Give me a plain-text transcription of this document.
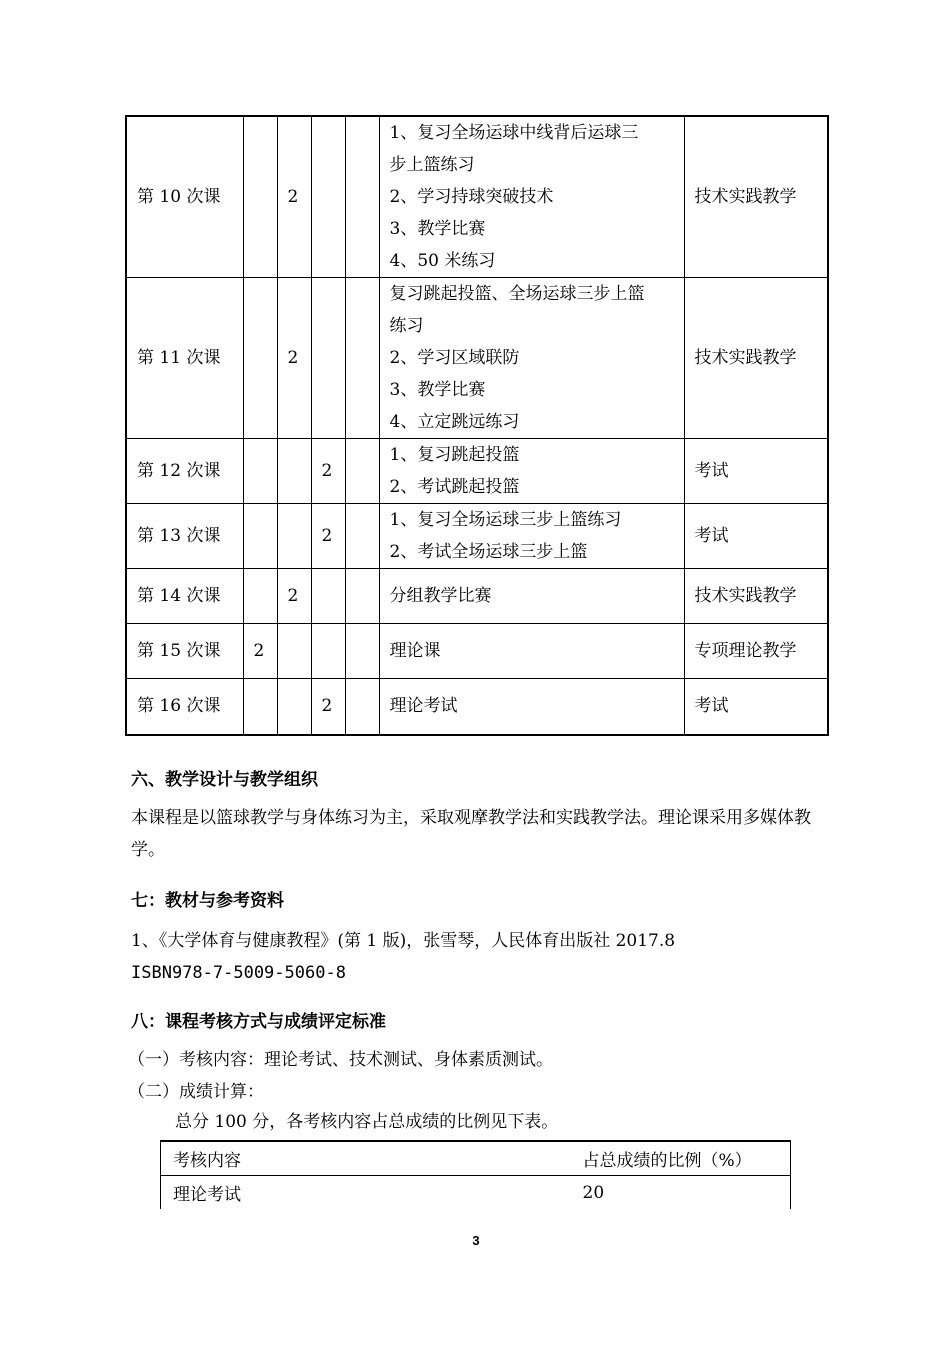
第 10 次课		2			1、复习全场运球中线背后运球三
步上篮练习
2、学习持球突破技术
3、教学比赛
4、50 米练习	技术实践教学
第 11 次课		2			复习跳起投篮、全场运球三步上篮
练习
2、学习区域联防
3、教学比赛
4、立定跳远练习	技术实践教学
第 12 次课			2		1、复习跳起投篮
2、考试跳起投篮	考试
第 13 次课			2		1、复习全场运球三步上篮练习
2、考试全场运球三步上篮	考试
第 14 次课		2			分组教学比赛	技术实践教学
第 15 次课	2				理论课	专项理论教学
第 16 次课			2		理论考试	考试
六、教学设计与教学组织
本课程是以篮球教学与身体练习为主，采取观摩教学法和实践教学法。理论课采用多媒体教学。
七：教材与参考资料
1、《大学体育与健康教程》(第 1 版)，张雪琴，人民体育出版社 2017.8
ISBN978-7-5009-5060-8
八：课程考核方式与成绩评定标准
（一）考核内容：理论考试、技术测试、身体素质测试。
（二）成绩计算：
总分 100 分，各考核内容占总成绩的比例见下表。
考核内容	占总成绩的比例（%）
理论考试	20
3
